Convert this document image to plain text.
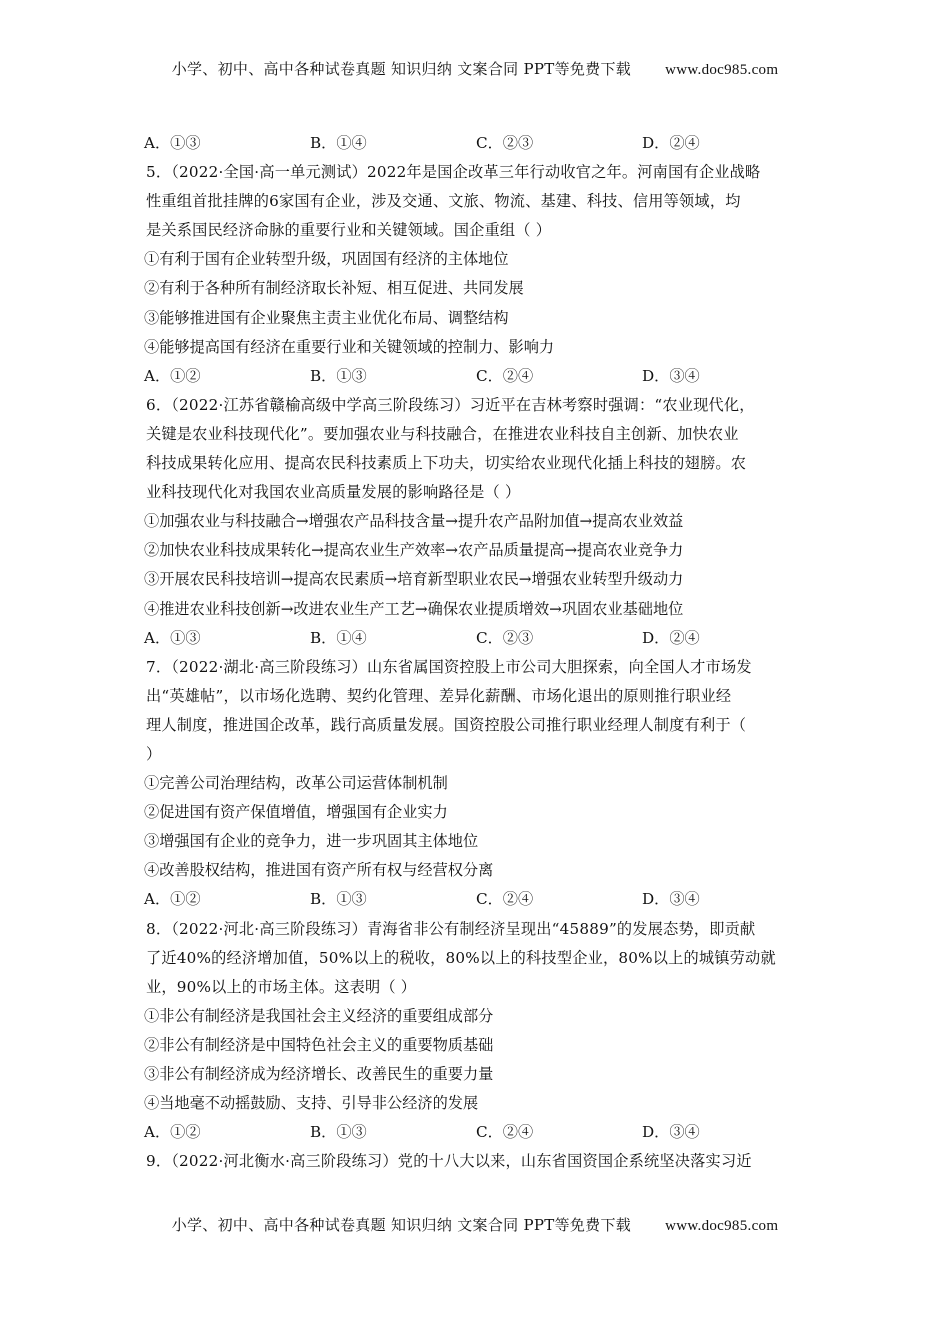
小学、初中、高中各种试卷真题 知识归纳 文案合同 PPT等免费下载 www.doc985.com
A．①③	B．①④	C．②③	D．②④
5．（2022·全国·高一单元测试）2022年是国企改革三年行动收官之年。河南国有企业战略
性重组首批挂牌的6家国有企业，涉及交通、文旅、物流、基建、科技、信用等领域，均
是关系国民经济命脉的重要行业和关键领域。国企重组（ ）
①有利于国有企业转型升级，巩固国有经济的主体地位
②有利于各种所有制经济取长补短、相互促进、共同发展
③能够推进国有企业聚焦主责主业优化布局、调整结构
④能够提高国有经济在重要行业和关键领域的控制力、影响力
A．①②	B．①③	C．②④	D．③④
6．（2022·江苏省赣榆高级中学高三阶段练习）习近平在吉林考察时强调：“农业现代化，
关键是农业科技现代化”。要加强农业与科技融合，在推进农业科技自主创新、加快农业
科技成果转化应用、提高农民科技素质上下功夫，切实给农业现代化插上科技的翅膀。农
业科技现代化对我国农业高质量发展的影响路径是（ ）
①加强农业与科技融合→增强农产品科技含量→提升农产品附加值→提高农业效益
②加快农业科技成果转化→提高农业生产效率→农产品质量提高→提高农业竞争力
③开展农民科技培训→提高农民素质→培育新型职业农民→增强农业转型升级动力
④推进农业科技创新→改进农业生产工艺→确保农业提质增效→巩固农业基础地位
A．①③	B．①④	C．②③	D．②④
7．（2022·湖北·高三阶段练习）山东省属国资控股上市公司大胆探索，向全国人才市场发
出“英雄帖”，以市场化选聘、契约化管理、差异化薪酬、市场化退出的原则推行职业经
理人制度，推进国企改革，践行高质量发展。国资控股公司推行职业经理人制度有利于（
）
①完善公司治理结构，改革公司运营体制机制
②促进国有资产保值增值，增强国有企业实力
③增强国有企业的竞争力，进一步巩固其主体地位
④改善股权结构，推进国有资产所有权与经营权分离
A．①②	B．①③	C．②④	D．③④
8．（2022·河北·高三阶段练习）青海省非公有制经济呈现出“45889”的发展态势，即贡献
了近40%的经济增加值，50%以上的税收，80%以上的科技型企业，80%以上的城镇劳动就
业，90%以上的市场主体。这表明（ ）
①非公有制经济是我国社会主义经济的重要组成部分
②非公有制经济是中国特色社会主义的重要物质基础
③非公有制经济成为经济增长、改善民生的重要力量
④当地毫不动摇鼓励、支持、引导非公经济的发展
A．①②	B．①③	C．②④	D．③④
9．（2022·河北衡水·高三阶段练习）党的十八大以来，山东省国资国企系统坚决落实习近
小学、初中、高中各种试卷真题 知识归纳 文案合同 PPT等免费下载 www.doc985.com
